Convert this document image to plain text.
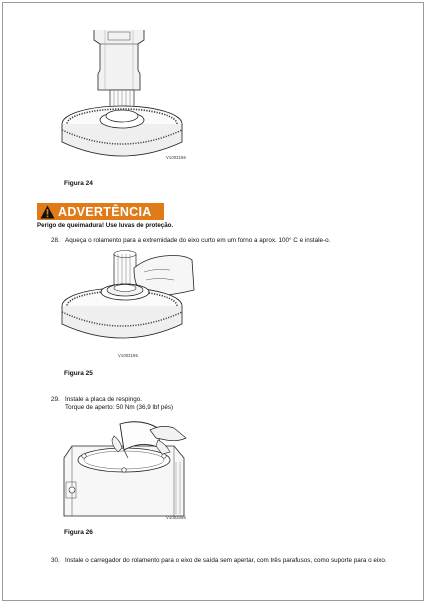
V1003196
Figura 24
ADVERTÊNCIA
Perigo de queimadura! Use luvas de proteção.
28. Aqueça o rolamento para a extremidade do eixo curto em um forno a aprox. 100° C e instale-o.
V1003195
Figura 25
29. Instale a placa de respingo.
Torque de aperto: 50 Nm (36,9 lbf pés)
V1003056
Figura 26
30. Instale o carregador do rolamento para o eixo de saída sem apertar, com três parafusos, como suporte para o eixo.
